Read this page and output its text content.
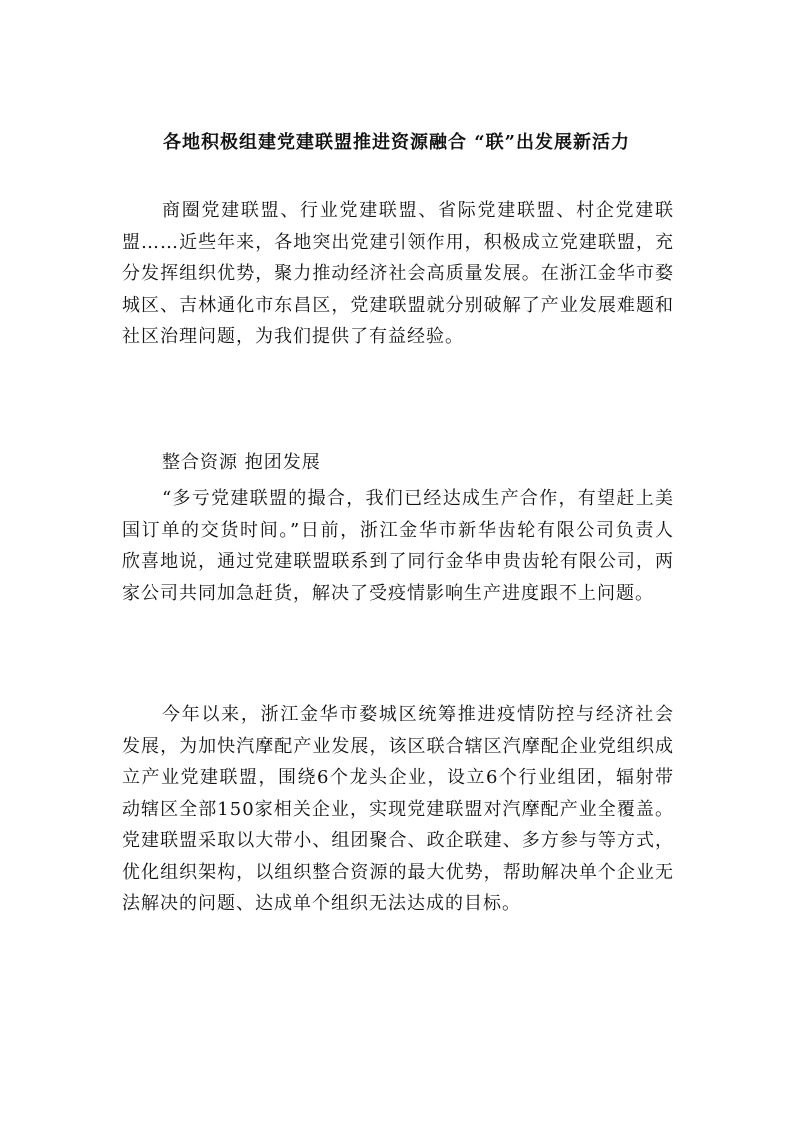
各地积极组建党建联盟推进资源融合 “联”出发展新活力

商圈党建联盟、行业党建联盟、省际党建联盟、村企党建联盟……近些年来，各地突出党建引领作用，积极成立党建联盟，充分发挥组织优势，聚力推动经济社会高质量发展。在浙江金华市婺城区、吉林通化市东昌区，党建联盟就分别破解了产业发展难题和社区治理问题，为我们提供了有益经验。

整合资源 抱团发展

“多亏党建联盟的撮合，我们已经达成生产合作，有望赶上美国订单的交货时间。”日前，浙江金华市新华齿轮有限公司负责人欣喜地说，通过党建联盟联系到了同行金华申贵齿轮有限公司，两家公司共同加急赶货，解决了受疫情影响生产进度跟不上问题。

今年以来，浙江金华市婺城区统筹推进疫情防控与经济社会发展，为加快汽摩配产业发展，该区联合辖区汽摩配企业党组织成立产业党建联盟，围绕6个龙头企业，设立6个行业组团，辐射带动辖区全部150家相关企业，实现党建联盟对汽摩配产业全覆盖。党建联盟采取以大带小、组团聚合、政企联建、多方参与等方式，优化组织架构，以组织整合资源的最大优势，帮助解决单个企业无法解决的问题、达成单个组织无法达成的目标。
